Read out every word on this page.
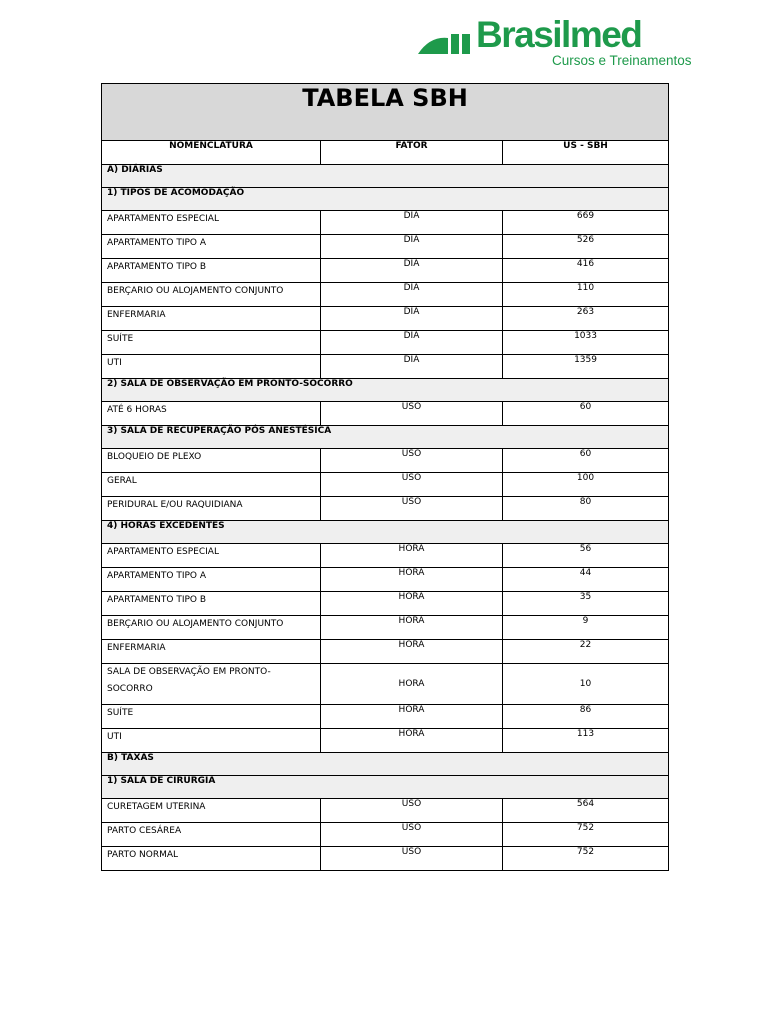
Brasilmed
Cursos e Treinamentos
TABELA SBH		
NOMENCLATURA	FATOR	US - SBH
A) DIÁRIAS		
1) TIPOS DE ACOMODAÇÃO		
APARTAMENTO ESPECIAL	DIA	669
APARTAMENTO TIPO A	DIA	526
APARTAMENTO TIPO B	DIA	416
BERÇARIO OU ALOJAMENTO CONJUNTO	DIA	110
ENFERMARIA	DIA	263
SUÍTE	DIA	1033
UTI	DIA	1359
2) SALA DE OBSERVAÇÃO EM PRONTO-SOCORRO		
ATÉ 6 HORAS	USO	60
3) SALA DE RECUPERAÇÃO PÓS ANESTÉSICA		
BLOQUEIO DE PLEXO	USO	60
GERAL	USO	100
PERIDURAL E/OU RAQUIDIANA	USO	80
4) HORAS EXCEDENTES		
APARTAMENTO ESPECIAL	HORA	56
APARTAMENTO TIPO A	HORA	44
APARTAMENTO TIPO B	HORA	35
BERÇARIO OU ALOJAMENTO CONJUNTO	HORA	9
ENFERMARIA	HORA	22
SALA DE OBSERVAÇÃO EM PRONTO-SOCORRO	HORA	10
SUÍTE	HORA	86
UTI	HORA	113
B) TAXAS		
1) SALA DE CIRURGIA		
CURETAGEM UTERINA	USO	564
PARTO CESÁREA	USO	752
PARTO NORMAL	USO	752
